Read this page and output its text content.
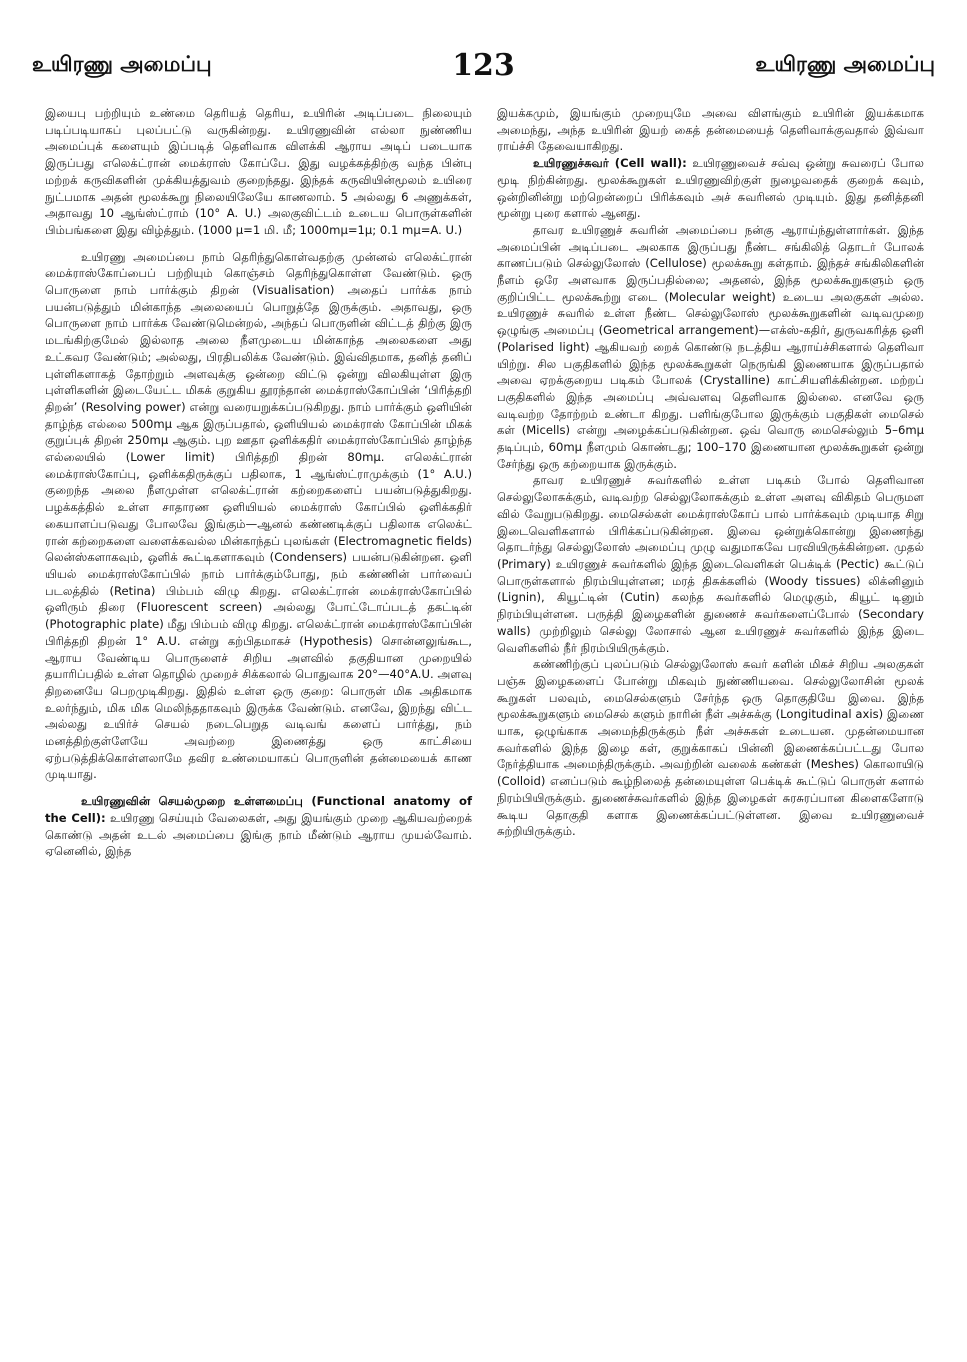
உயிரணு அமைப்பு	123	உயிரணு அமைப்பு

இயைபு பற்றியும் உண்மை தெரியத் தெரிய, உயிரின் அடிப்படை நிலையும் படிப்படியாகப் புலப்பட்டு வருகின்றது. உயிரணுவின் எல்லா நுண்ணிய அமைப்புக் களையும் இப்படித் தெளிவாக விளக்கி ஆராய அடிப் படையாக இருப்பது எலெக்ட்ரான் மைக்ராஸ் கோப்பே. இது வழக்கத்திற்கு வந்த பின்பு மற்றக் கருவிகளின் முக்கியத்துவம் குறைந்தது. இந்தக் கருவியின்மூலம் உயிரை நுட்பமாக அதன் மூலக்கூறு நிலையிலேயே காணலாம். 5 அல்லது 6 அணுக்கள், அதாவது 10 ஆங்ஸ்ட்ராம் (10° A. U.) அலகுவிட்டம் உடைய பொருள்களின் பிம்பங்களை இது விழ்த்தும். (1000 μ=1 மி. மீ; 1000mμ=1μ; 0.1 mμ=A. U.)

உயிரணு அமைப்பை நாம் தெரிந்துகொள்வதற்கு முன்னல் எலெக்ட்ரான் மைக்ராஸ்கோப்பைப் பற்றியும் கொஞ்சம் தெரிந்துகொள்ள வேண்டும். ஒரு பொருளை நாம் பார்க்கும் திறன் (Visualisation) அதைப் பார்க்க நாம் பயன்படுத்தும் மின்காந்த அலையைப் பொறுத்தே இருக்கும். அதாவது, ஒரு பொருளை நாம் பார்க்க வேண்டுமென்றல், அந்தப் பொருளின் விட்டத் திற்கு இரு மடங்கிற்குமேல் இல்லாத அலை நீளமுடைய மின்காந்த அலைகளை அது உட்கவர வேண்டும்; அல்லது, பிரதிபலிக்க வேண்டும். இவ்விதமாக, தனித் தனிப் புள்ளிகளாகத் தோற்றும் அளவுக்கு ஒன்றை விட்டு ஒன்று விலகியுள்ள இரு புள்ளிகளின் இடையேட்ட மிகக் குறுகிய தூரந்தான் மைக்ராஸ்கோப்பின் ‘பிரித்தறி திறன்’ (Resolving power) என்று வரையறுக்கப்படுகிறது. நாம் பார்க்கும் ஒளியின் தாழ்ந்த எல்லை 500mμ ஆக இருப்பதால், ஒளியியல் மைக்ராஸ் கோப்பின் மிகக் குறுப்புக் திறன் 250mμ ஆகும். புற ஊதா ஒளிக்கதிர் மைக்ராஸ்கோப்பில் தாழ்ந்த எல்லையில் (Lower limit) பிரித்தறி திறன் 80mμ. எலெக்ட்ரான் மைக்ராஸ்கோப்பு, ஒளிக்கதிருக்குப் பதிலாக, 1 ஆங்ஸ்ட்ராமுக்கும் (1° A.U.) குறைந்த அலை நீளமுள்ள எலெக்ட்ரான் கற்றைகளைப் பயன்படுத்துகிறது. பழக்கத்தில் உள்ள சாதாரண ஒளியியல் மைக்ராஸ் கோப்பில் ஒளிக்கதிர் கையாளப்படுவது போலவே இங்கும்—ஆனல் கண்ணடிக்குப் பதிலாக எலெக்ட் ரான் கற்றைகளை வளைக்கவல்ல மின்காந்தப் புலங்கள் (Electromagnetic fields) லென்ஸ்களாகவும், ஒளிக் கூட்டிகளாகவும் (Condensers) பயன்படுகின்றன. ஒளி யியல் மைக்ராஸ்கோப்பில் நாம் பார்க்கும்போது, நம் கண்ணின் பார்வைப் படலத்தில் (Retina) பிம்பம் விழு கிறது. எலெக்ட்ரான் மைக்ராஸ்கோப்பில் ஒளிரும் திரை (Fluorescent screen) அல்லது போட்டோப்படத் தகட்டின் (Photographic plate) மீது பிம்பம் விழு கிறது. எலெக்ட்ரான் மைக்ராஸ்கோப்பின் பிரித்தறி திறன் 1° A.U. என்று கற்பிதமாகச் (Hypothesis) சொன்னலுங்கூட, ஆராய வேண்டிய பொருளைச் சிறிய அளவில் தகுதியான முறையில் தயாரிப்பதில் உள்ள தொழில் முறைச் சிக்கலால் பொதுவாக 20°—40°A.U. அளவு திறனையே பெறமுடிகிறது. இதில் உள்ள ஒரு குறை: பொருள் மிக அதிகமாக உலர்ந்தும், மிக மிக மெலிந்ததாகவும் இருக்க வேண்டும். எனவே, இறந்து விட்ட அல்லது உயிர்ச் செயல் நடைபெறுத வடிவங் களைப் பார்த்து, நம் மனத்திற்குள்ளேயே அவற்றை இணைத்து ஒரு காட்சியை ஏற்படுத்திக்கொள்ளலாமே தவிர உண்மையாகப் பொருளின் தன்மையைக் காண முடியாது.

உயிரணுவின் செயல்முறை உள்ளமைப்பு (Functional anatomy of the Cell): உயிரணு செய்யும் வேலைகள், அது இயங்கும் முறை ஆகியவற்றைக் கொண்டு அதன் உடல் அமைப்பை இங்கு நாம் மீண்டும் ஆராய முயல்வோம். ஏனெனில், இந்த

இயக்கமும், இயங்கும் முறையுமே அவை விளங்கும் உயிரின் இயக்கமாக அமைந்து, அந்த உயிரின் இயற் கைத் தன்மையைத் தெளிவாக்குவதால் இவ்வா ராய்ச்சி தேவையாகிறது.

உயிரணுச்சுவர் (Cell wall): உயிரணுவைச் சவ்வு ஒன்று சுவரைப் போல மூடி நிற்கின்றது. மூலக்கூறுகள் உயிரணுவிற்குள் நுழைவதைக் குறைக் கவும், ஒன்றினின்று மற்றென்றைப் பிரிக்கவும் அச் சுவரினல் முடியும். இது தனித்தனி மூன்று புரை களால் ஆனது.

தாவர உயிரணுச் சுவரின் அமைப்பை நன்கு ஆராய்ந்துள்ளார்கள். இந்த அமைப்பின் அடிப்படை அலகாக இருப்பது நீண்ட சங்கிலித் தொடர் போலக் காணப்படும் செல்லுலோஸ் (Cellulose) மூலக்கூறு கள்தாம். இந்தச் சங்கிலிகளின் நீளம் ஒரே அளவாக இருப்பதில்லை; அதனல், இந்த மூலக்கூறுகளும் ஒரு குறிப்பிட்ட மூலக்கூற்று எடை (Molecular weight) உடைய அலகுகள் அல்ல. உயிரணுச் சுவரில் உள்ள நீண்ட செல்லுலோஸ் மூலக்கூறுகளின் வடிவமுறை ஒழுங்கு அமைப்பு (Geometrical arrangement)—எக்ஸ்-கதிர், துருவகரித்த ஒளி (Polarised light) ஆகியவற் றைக் கொண்டு நடத்திய ஆராய்ச்சிகளால் தெளிவா யிற்று. சில பகுதிகளில் இந்த மூலக்கூறுகள் நெருங்கி இணையாக இருப்பதால் அவை ஏறக்குறைய படிகம் போலக் (Crystalline) காட்சியளிக்கின்றன. மற்றப் பகுதிகளில் இந்த அமைப்பு அவ்வளவு தெளிவாக இல்லை. எனவே ஒரு வடிவற்ற தோற்றம் உண்டா கிறது. பளிங்குபோல இருக்கும் பகுதிகள் மைசெல் கள் (Micells) என்று அழைக்கப்படுகின்றன. ஒவ் வொரு மைசெல்லும் 5–6mμ தடிப்பும், 60mμ நீளமும் கொண்டது; 100–170 இணையான மூலக்கூறுகள் ஒன்று சேர்ந்து ஒரு கற்றையாக இருக்கும்.

தாவர உயிரணுச் சுவர்களில் உள்ள படிகம் போல் தெளிவான செல்லுலோசுக்கும், வடிவற்ற செல்லுலோசுக்கும் உள்ள அளவு விகிதம் பெருமள வில் வேறுபடுகிறது. மைசெல்கள் மைக்ராஸ்கோப் பால் பார்க்கவும் முடியாத சிறு இடைவெளிகளால் பிரிக்கப்படுகின்றன. இவை ஒன்றுக்கொன்று இணைந்து தொடர்ந்து செல்லுலோஸ் அமைப்பு முழு வதுமாகவே பரவியிருக்கின்றன. முதல் (Primary) உயிரணுச் சுவர்களில் இந்த இடைவெளிகள் பெக்டிக் (Pectic) கூட்டுப் பொருள்களால் நிரம்பியுள்ளன; மரத் திசுக்களில் (Woody tissues) லிக்னினும் (Lignin), கியூட்டின் (Cutin) கலந்த சுவர்களில் மெழுகும், கியூட் டினும் நிரம்பியுள்ளன. பருத்தி இழைகளின் துணைச் சுவர்களைப்போல் (Secondary walls) முற்றிலும் செல்லு லோசால் ஆன உயிரணுச் சுவர்களில் இந்த இடை வெளிகளில் நீர் நிரம்பியிருக்கும்.

கண்ணிற்குப் புலப்படும் செல்லுலோஸ் சுவர் களின் மிகச் சிறிய அலகுகள் பஞ்சு இழைகளைப் போன்று மிகவும் நுண்ணியவை. செல்லுலோசின் மூலக் கூறுகள் பலவும், மைசெல்களும் சேர்ந்த ஒரு தொகுதியே இவை. இந்த மூலக்கூறுகளும் மைசெல் களும் நாரின் நீள் அச்சுக்கு (Longitudinal axis) இணை யாக, ஒழுங்காக அமைந்திருக்கும் நீள் அச்சுகள் உடையன. முதன்மையான சுவர்களில் இந்த இழை கள், குறுக்காகப் பின்னி இணைக்கப்பட்டது போல நேர்த்தியாக அமைந்திருக்கும். அவற்றின் வலைக் கண்கள் (Meshes) கொலாயிடு (Colloid) எனப்படும் கூழ்நிலைத் தன்மையுள்ள பெக்டிக் கூட்டுப் பொருள் களால் நிரம்பியிருக்கும். துணைச்சுவர்களில் இந்த இழைகள் சுரசுரப்பான கிளைகளோடு கூடிய தொகுதி களாக இணைக்கப்பட்டுள்ளன. இவை உயிரணுவைச் சுற்றியிருக்கும்.
